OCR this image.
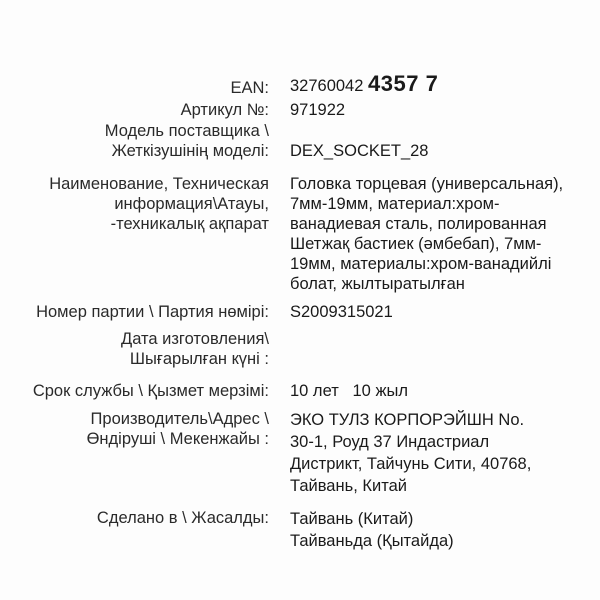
EAN: 32760042 4357 7
Артикул №: 971922
Модель поставщика \
Жеткізушінің моделі: DEX_SOCKET_28
Наименование, Техническая
информация\Атауы,
-техникалық ақпарат
Головка торцевая (универсальная),
7мм-19мм, материал:хром-
ванадиевая сталь, полированная
Шетжақ бастиек (әмбебап), 7мм-
19мм, материалы:хром-ванадийлі
болат, жылтыратылған
Номер партии \ Партия нөмірі: S2009315021
Дата изготовления\
Шығарылған күні :
Срок службы \ Қызмет мерзімі: 10 лет   10 жыл
Производитель\Адрес \
Өндіруші \ Мекенжайы :
ЭКО ТУЛЗ КОРПОРЭЙШН No.
30-1, Роуд 37 Индастриал
Дистрикт, Тайчунь Сити, 40768,
Тайвань, Китай
Сделано в \ Жасалды: Тайвань (Китай)
Тайваньда (Қытайда)
